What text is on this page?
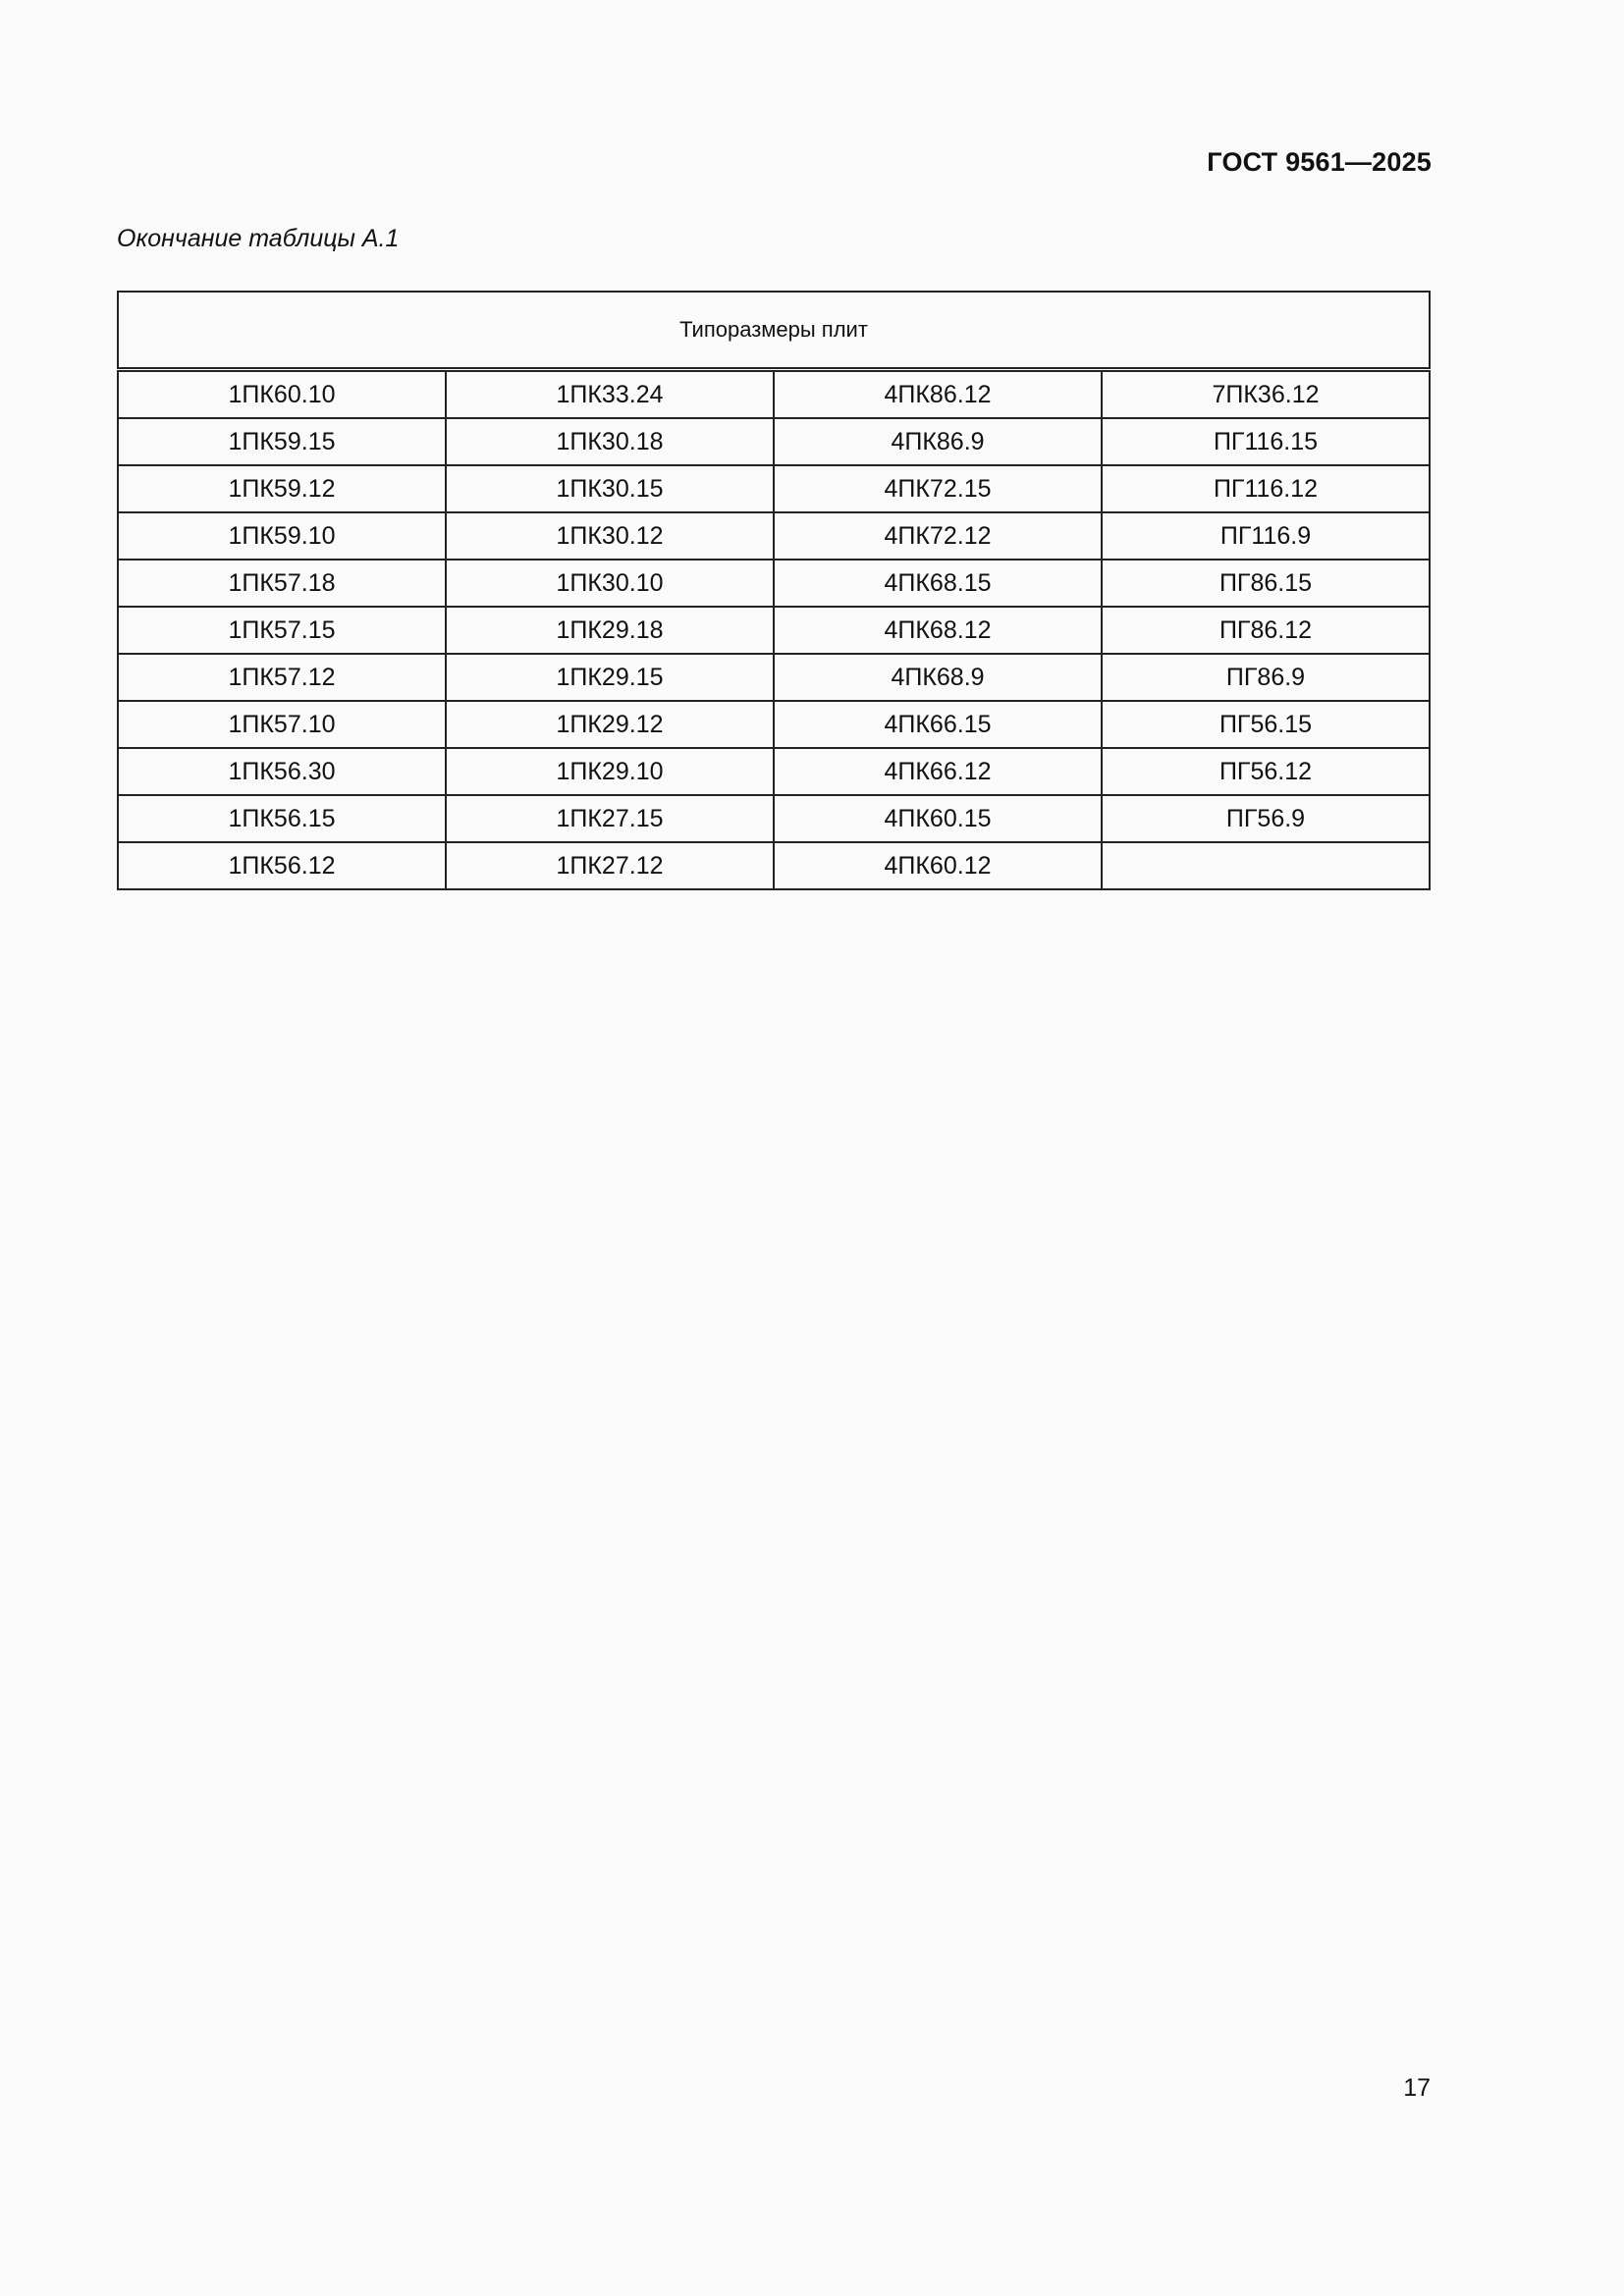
ГОСТ 9561—2025
Окончание таблицы А.1
Типоразмеры плит			
1ПК60.10	1ПК33.24	4ПК86.12	7ПК36.12
1ПК59.15	1ПК30.18	4ПК86.9	ПГ116.15
1ПК59.12	1ПК30.15	4ПК72.15	ПГ116.12
1ПК59.10	1ПК30.12	4ПК72.12	ПГ116.9
1ПК57.18	1ПК30.10	4ПК68.15	ПГ86.15
1ПК57.15	1ПК29.18	4ПК68.12	ПГ86.12
1ПК57.12	1ПК29.15	4ПК68.9	ПГ86.9
1ПК57.10	1ПК29.12	4ПК66.15	ПГ56.15
1ПК56.30	1ПК29.10	4ПК66.12	ПГ56.12
1ПК56.15	1ПК27.15	4ПК60.15	ПГ56.9
1ПК56.12	1ПК27.12	4ПК60.12	
17
